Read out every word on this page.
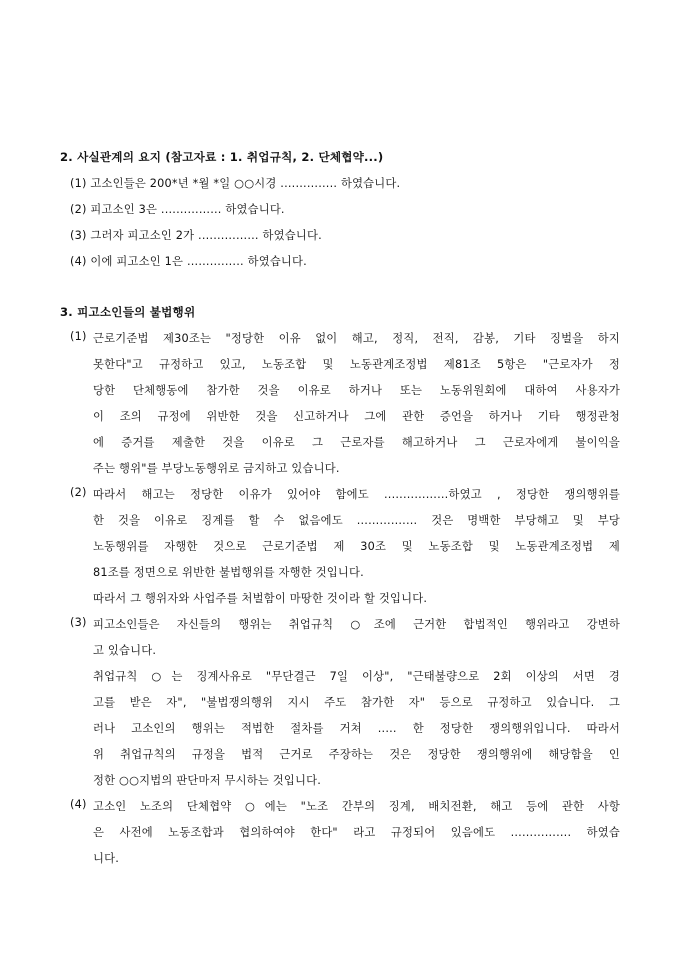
2. 사실관계의 요지 (참고자료 : 1. 취업규칙, 2. 단체협약...)
(1) 고소인들은 200*년 *월 *일 ○○시경 ............... 하였습니다.
(2) 피고소인 3은 ................ 하였습니다.
(3) 그러자 피고소인 2가 ................ 하였습니다.
(4) 이에 피고소인 1은 ............... 하였습니다.
3. 피고소인들의 불법행위
(1) 근로기준법 제30조는 "정당한 이유 없이 해고, 정직, 전직, 감봉, 기타 징벌을 하지
못한다"고 규정하고 있고, 노동조합 및 노동관계조정법 제81조 5항은 "근로자가 정
당한 단체행동에 참가한 것을 이유로 하거나 또는 노동위원회에 대하여 사용자가
이 조의 규정에 위반한 것을 신고하거나 그에 관한 증언을 하거나 기타 행정관청
에 증거를 제출한 것을 이유로 그 근로자를 해고하거나 그 근로자에게 불이익을
주는 행위"를 부당노동행위로 금지하고 있습니다.
(2) 따라서 해고는 정당한 이유가 있어야 함에도 .................하였고 , 정당한 쟁의행위를
한 것을 이유로 징계를 할 수 없음에도 ................ 것은 명백한 부당해고 및 부당
노동행위를 자행한 것으로 근로기준법 제 30조 및 노동조합 및 노동관계조정법 제
81조를 정면으로 위반한 불법행위를 자행한 것입니다.
따라서 그 행위자와 사업주를 처벌함이 마땅한 것이라 할 것입니다.
(3) 피고소인들은 자신들의 행위는 취업규칙 ○조에 근거한 합법적인 행위라고 강변하
고 있습니다.
취업규칙 ○는 징계사유로 "무단결근 7일 이상", "근태불량으로 2회 이상의 서면 경
고를 받은 자", "불법쟁의행위 지시 주도 참가한 자" 등으로 규정하고 있습니다. 그
러나 고소인의 행위는 적법한 절차를 거쳐 ..... 한 정당한 쟁의행위입니다. 따라서
위 취업규칙의 규정을 법적 근거로 주장하는 것은 정당한 쟁의행위에 해당함을 인
정한 ○○지법의 판단마저 무시하는 것입니다.
(4) 고소인 노조의 단체협약 ○에는 "노조 간부의 징계, 배치전환, 해고 등에 관한 사항
은 사전에 노동조합과 협의하여야 한다" 라고 규정되어 있음에도 ................ 하였습
니다.
